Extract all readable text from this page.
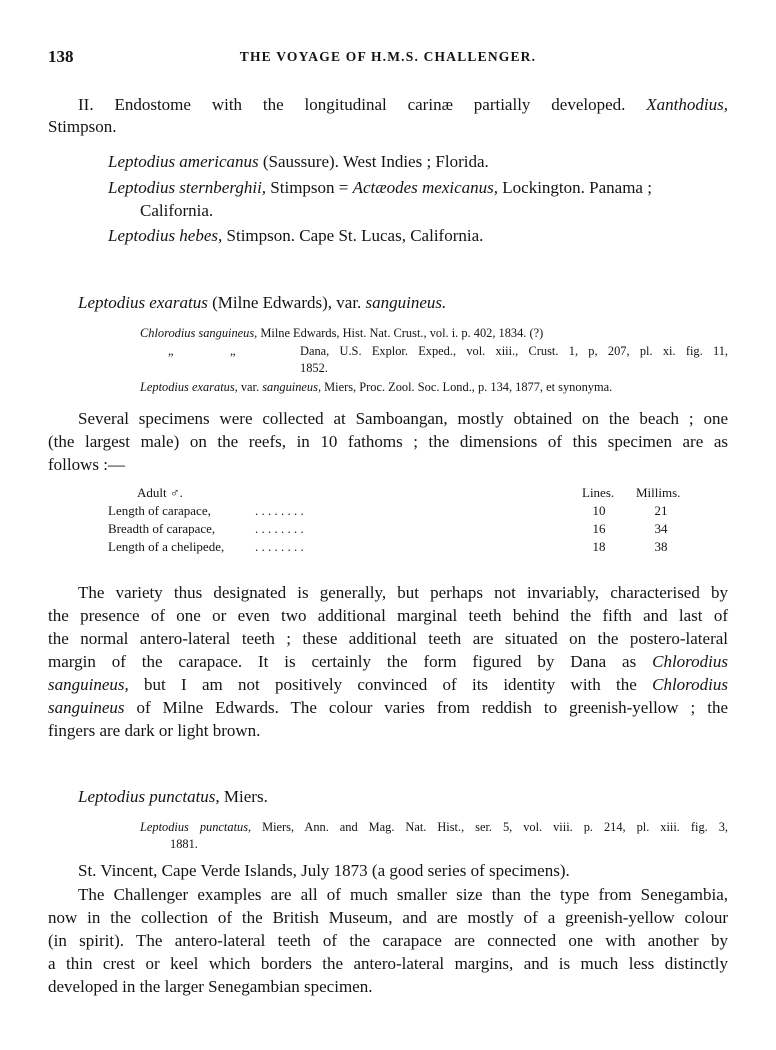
138	THE VOYAGE OF H.M.S. CHALLENGER.
II. Endostome with the longitudinal carinæ partially developed. Xanthodius,
Stimpson.
Leptodius americanus (Saussure). West Indies ; Florida.
Leptodius sternberghii, Stimpson = Actæodes mexicanus, Lockington. Panama ;
California.
Leptodius hebes, Stimpson. Cape St. Lucas, California.
Leptodius exaratus (Milne Edwards), var. sanguineus.
Chlorodius sanguineus, Milne Edwards, Hist. Nat. Crust., vol. i. p. 402, 1834. (?)
„	„	Dana, U.S. Explor. Exped., vol. xiii., Crust. 1, p, 207, pl. xi. fig. 11,
1852.
Leptodius exaratus, var. sanguineus, Miers, Proc. Zool. Soc. Lond., p. 134, 1877, et synonyma.
Several specimens were collected at Samboangan, mostly obtained on the beach ; one
(the largest male) on the reefs, in 10 fathoms ; the dimensions of this specimen are as
follows :—
Adult ♂.	Lines. Millims.
Length of carapace,	. . . . . . . .	10	21
Breadth of carapace,	. . . . . . . .	16	34
Length of a chelipede, . . . . . . . .	18	38
The variety thus designated is generally, but perhaps not invariably, characterised by
the presence of one or even two additional marginal teeth behind the fifth and last of
the normal antero-lateral teeth ; these additional teeth are situated on the postero-lateral
margin of the carapace. It is certainly the form figured by Dana as Chlorodius
sanguineus, but I am not positively convinced of its identity with the Chlorodius
sanguineus of Milne Edwards. The colour varies from reddish to greenish-yellow ; the
fingers are dark or light brown.
Leptodius punctatus, Miers.
Leptodius punctatus, Miers, Ann. and Mag. Nat. Hist., ser. 5, vol. viii. p. 214, pl. xiii. fig. 3,
1881.
St. Vincent, Cape Verde Islands, July 1873 (a good series of specimens).
The Challenger examples are all of much smaller size than the type from Senegambia,
now in the collection of the British Museum, and are mostly of a greenish-yellow colour
(in spirit). The antero-lateral teeth of the carapace are connected one with another by
a thin crest or keel which borders the antero-lateral margins, and is much less distinctly
developed in the larger Senegambian specimen.
